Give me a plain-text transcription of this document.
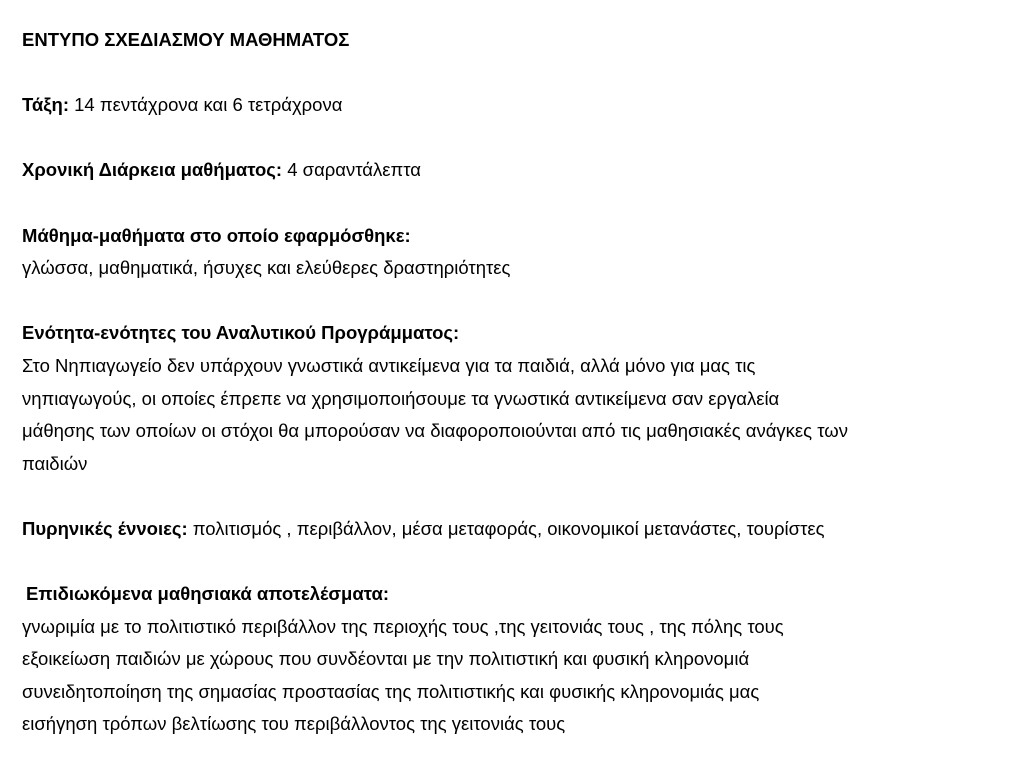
ΕΝΤΥΠΟ ΣΧΕΔΙΑΣΜΟΥ ΜΑΘΗΜΑΤΟΣ
Τάξη: 14 πεντάχρονα και 6 τετράχρονα
Χρονική Διάρκεια μαθήματος: 4 σαραντάλεπτα
Μάθημα-μαθήματα στο οποίο εφαρμόσθηκε:
γλώσσα, μαθηματικά, ήσυχες και ελεύθερες δραστηριότητες
Ενότητα-ενότητες του Αναλυτικού Προγράμματος:
Στο Νηπιαγωγείο δεν υπάρχουν γνωστικά αντικείμενα για τα παιδιά, αλλά μόνο για μας τις
νηπιαγωγούς, οι οποίες έπρεπε να χρησιμοποιήσουμε τα γνωστικά αντικείμενα σαν εργαλεία
μάθησης των οποίων οι στόχοι θα μπορούσαν να διαφοροποιούνται από τις μαθησιακές ανάγκες των
παιδιών
Πυρηνικές έννοιες: πολιτισμός , περιβάλλον, μέσα μεταφοράς, οικονομικοί μετανάστες, τουρίστες
Επιδιωκόμενα μαθησιακά αποτελέσματα:
γνωριμία με το πολιτιστικό περιβάλλον της περιοχής τους ,της γειτονιάς τους , της πόλης τους
εξοικείωση παιδιών με χώρους που συνδέονται με την πολιτιστική και φυσική κληρονομιά
συνειδητοποίηση της σημασίας προστασίας της πολιτιστικής και φυσικής κληρονομιάς μας
εισήγηση τρόπων βελτίωσης του περιβάλλοντος της γειτονιάς τους
